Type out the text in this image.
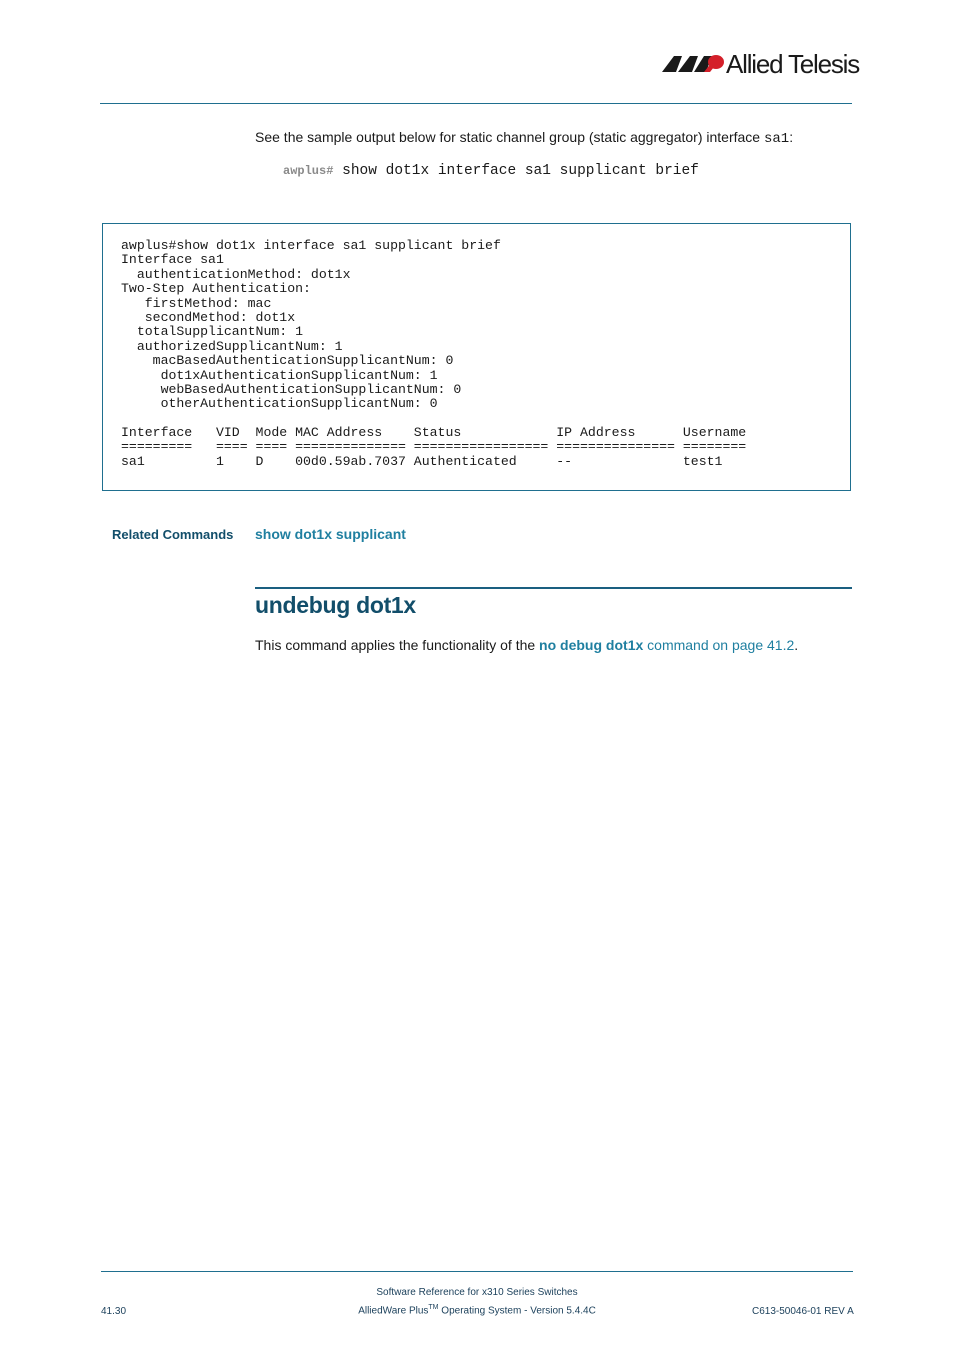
Allied Telesis
See the sample output below for static channel group (static aggregator) interface sa1:
awplus# show dot1x interface sa1 supplicant brief
awplus#show dot1x interface sa1 supplicant brief
Interface sa1
authenticationMethod: dot1x
Two-Step Authentication:
firstMethod: mac
secondMethod: dot1x
totalSupplicantNum: 1
authorizedSupplicantNum: 1
macBasedAuthenticationSupplicantNum: 0
dot1xAuthenticationSupplicantNum: 1
webBasedAuthenticationSupplicantNum: 0
otherAuthenticationSupplicantNum: 0
Interface   VID  Mode MAC Address    Status            IP Address      Username
=========   ==== ==== ============== ================= =============== ========
sa1         1    D    00d0.59ab.7037 Authenticated     --              test1
Related Commands show dot1x supplicant
undebug dot1x
This command applies the functionality of the no debug dot1x command on page 41.2.
Software Reference for x310 Series Switches
AlliedWare Plus™ Operating System - Version 5.4.4C
41.30	C613-50046-01 REV A
